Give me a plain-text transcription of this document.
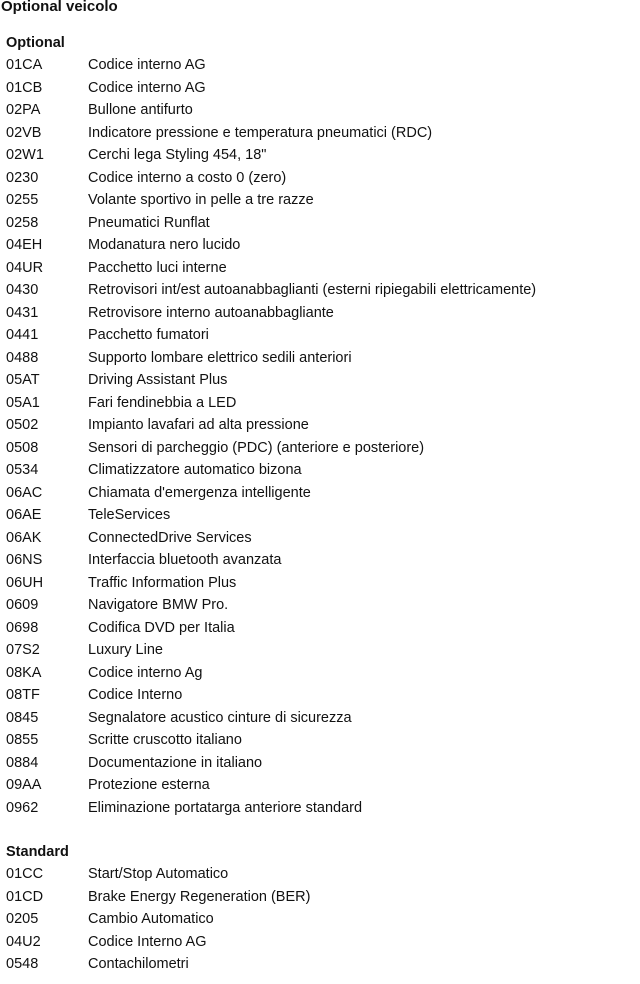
Optional veicolo
Optional
01CA	Codice interno AG
01CB	Codice interno AG
02PA	Bullone antifurto
02VB	Indicatore pressione e temperatura pneumatici (RDC)
02W1	Cerchi lega Styling 454, 18"
0230	Codice interno a costo 0 (zero)
0255	Volante sportivo in pelle a tre razze
0258	Pneumatici Runflat
04EH	Modanatura nero lucido
04UR	Pacchetto luci interne
0430	Retrovisori int/est autoanabbaglianti (esterni ripiegabili elettricamente)
0431	Retrovisore interno autoanabbagliante
0441	Pacchetto fumatori
0488	Supporto lombare elettrico sedili anteriori
05AT	Driving Assistant Plus
05A1	Fari fendinebbia a LED
0502	Impianto lavafari ad alta pressione
0508	Sensori di parcheggio (PDC) (anteriore e posteriore)
0534	Climatizzatore automatico bizona
06AC	Chiamata d'emergenza intelligente
06AE	TeleServices
06AK	ConnectedDrive Services
06NS	Interfaccia bluetooth avanzata
06UH	Traffic Information Plus
0609	Navigatore BMW Pro.
0698	Codifica DVD per Italia
07S2	Luxury Line
08KA	Codice interno Ag
08TF	Codice Interno
0845	Segnalatore acustico cinture di sicurezza
0855	Scritte cruscotto italiano
0884	Documentazione in italiano
09AA	Protezione esterna
0962	Eliminazione portatarga anteriore standard
Standard
01CC	Start/Stop Automatico
01CD	Brake Energy Regeneration (BER)
0205	Cambio Automatico
04U2	Codice Interno AG
0548	Contachilometri
